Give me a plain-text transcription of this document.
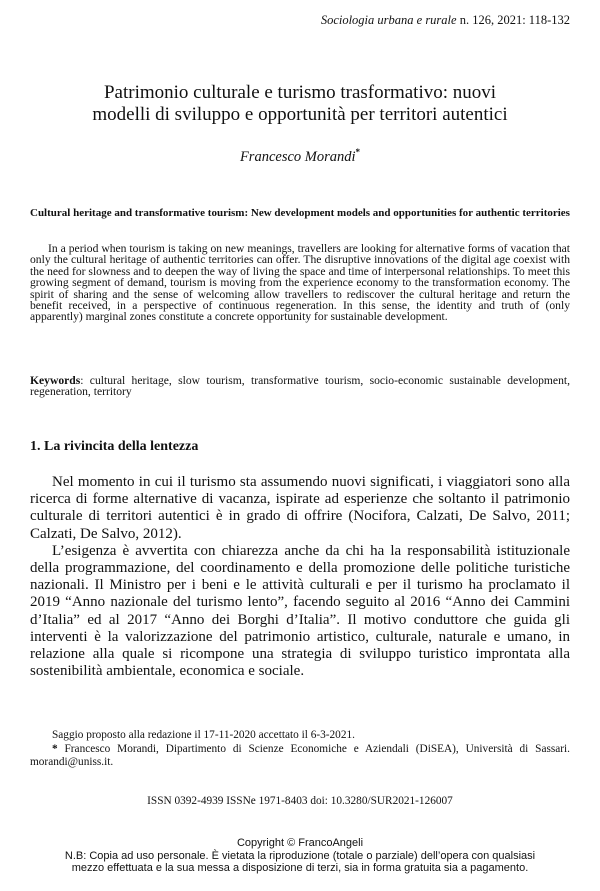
Sociologia urbana e rurale n. 126, 2021: 118-132
Patrimonio culturale e turismo trasformativo: nuovi
modelli di sviluppo e opportunità per territori autentici
Francesco Morandi*
Cultural heritage and transformative tourism: New development models and opportunities for authentic territories

In a period when tourism is taking on new meanings, travellers are looking for alternative forms of vacation that only the cultural heritage of authentic territories can offer. The disruptive innovations of the digital age coexist with the need for slowness and to deepen the way of living the space and time of interpersonal relationships. To meet this growing segment of demand, tourism is moving from the experience economy to the transformation economy. The spirit of sharing and the sense of welcoming allow travellers to rediscover the cultural heritage and return the benefit received, in a perspective of continuous regeneration. In this sense, the identity and truth of (only apparently) marginal zones constitute a concrete opportunity for sustainable development.

Keywords: cultural heritage, slow tourism, transformative tourism, socio-economic sustainable development, regeneration, territory
1. La rivincita della lentezza

Nel momento in cui il turismo sta assumendo nuovi significati, i viaggiatori sono alla ricerca di forme alternative di vacanza, ispirate ad esperienze che soltanto il patrimonio culturale di territori autentici è in grado di offrire (Nocifora, Calzati, De Salvo, 2011; Calzati, De Salvo, 2012).

L’esigenza è avvertita con chiarezza anche da chi ha la responsabilità istituzionale della programmazione, del coordinamento e della promozione delle politiche turistiche nazionali. Il Ministro per i beni e le attività culturali e per il turismo ha proclamato il 2019 “Anno nazionale del turismo lento”, facendo seguito al 2016 “Anno dei Cammini d’Italia” ed al 2017 “Anno dei Borghi d’Italia”. Il motivo conduttore che guida gli interventi è la valorizzazione del patrimonio artistico, culturale, naturale e umano, in relazione alla quale si ricompone una strategia di sviluppo turistico improntata alla sostenibilità ambientale, economica e sociale.

Saggio proposto alla redazione il 17-11-2020 accettato il 6-3-2021.

* Francesco Morandi, Dipartimento di Scienze Economiche e Aziendali (DiSEA), Università di Sassari. morandi@uniss.it.

ISSN 0392-4939 ISSNe 1971-8403 doi: 10.3280/SUR2021-126007
Copyright © FrancoAngeli
N.B: Copia ad uso personale. È vietata la riproduzione (totale o parziale) dell’opera con qualsiasi
mezzo effettuata e la sua messa a disposizione di terzi, sia in forma gratuita sia a pagamento.
